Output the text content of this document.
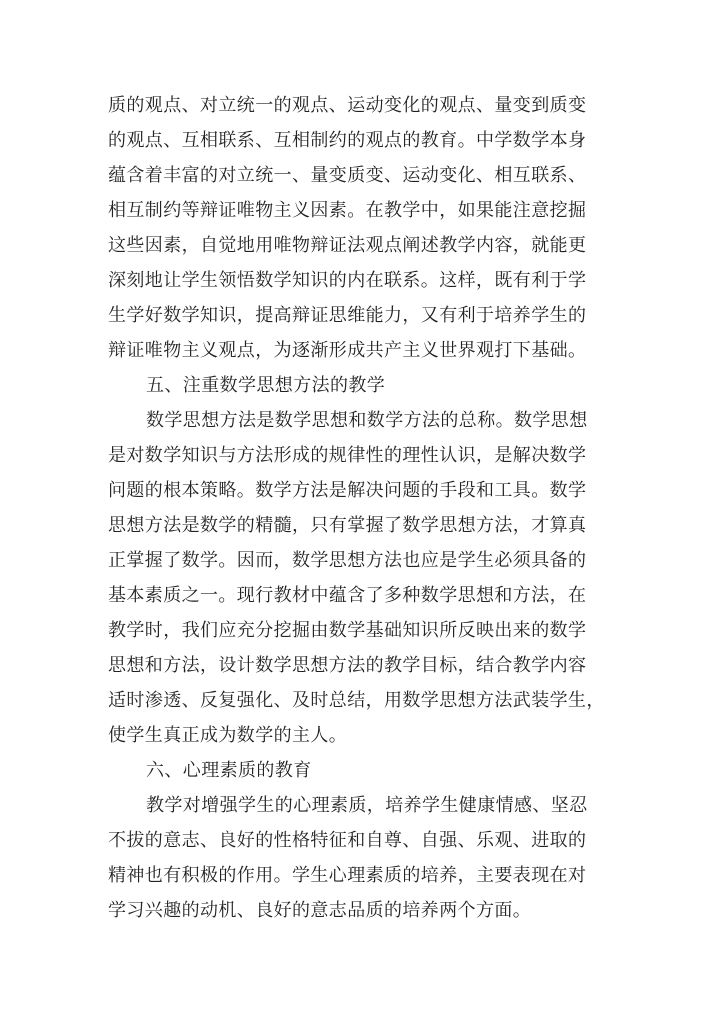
质的观点、对立统一的观点、运动变化的观点、量变到质变
的观点、互相联系、互相制约的观点的教育。中学数学本身
蕴含着丰富的对立统一、量变质变、运动变化、相互联系、
相互制约等辩证唯物主义因素。在教学中，如果能注意挖掘
这些因素，自觉地用唯物辩证法观点阐述教学内容，就能更
深刻地让学生领悟数学知识的内在联系。这样，既有利于学
生学好数学知识，提高辩证思维能力，又有利于培养学生的
辩证唯物主义观点，为逐渐形成共产主义世界观打下基础。
五、注重数学思想方法的教学
数学思想方法是数学思想和数学方法的总称。数学思想
是对数学知识与方法形成的规律性的理性认识，是解决数学
问题的根本策略。数学方法是解决问题的手段和工具。数学
思想方法是数学的精髓，只有掌握了数学思想方法，才算真
正掌握了数学。因而，数学思想方法也应是学生必须具备的
基本素质之一。现行教材中蕴含了多种数学思想和方法，在
教学时，我们应充分挖掘由数学基础知识所反映出来的数学
思想和方法，设计数学思想方法的教学目标，结合教学内容
适时渗透、反复强化、及时总结，用数学思想方法武装学生，
使学生真正成为数学的主人。
六、心理素质的教育
教学对增强学生的心理素质，培养学生健康情感、坚忍
不拔的意志、良好的性格特征和自尊、自强、乐观、进取的
精神也有积极的作用。学生心理素质的培养，主要表现在对
学习兴趣的动机、良好的意志品质的培养两个方面。
